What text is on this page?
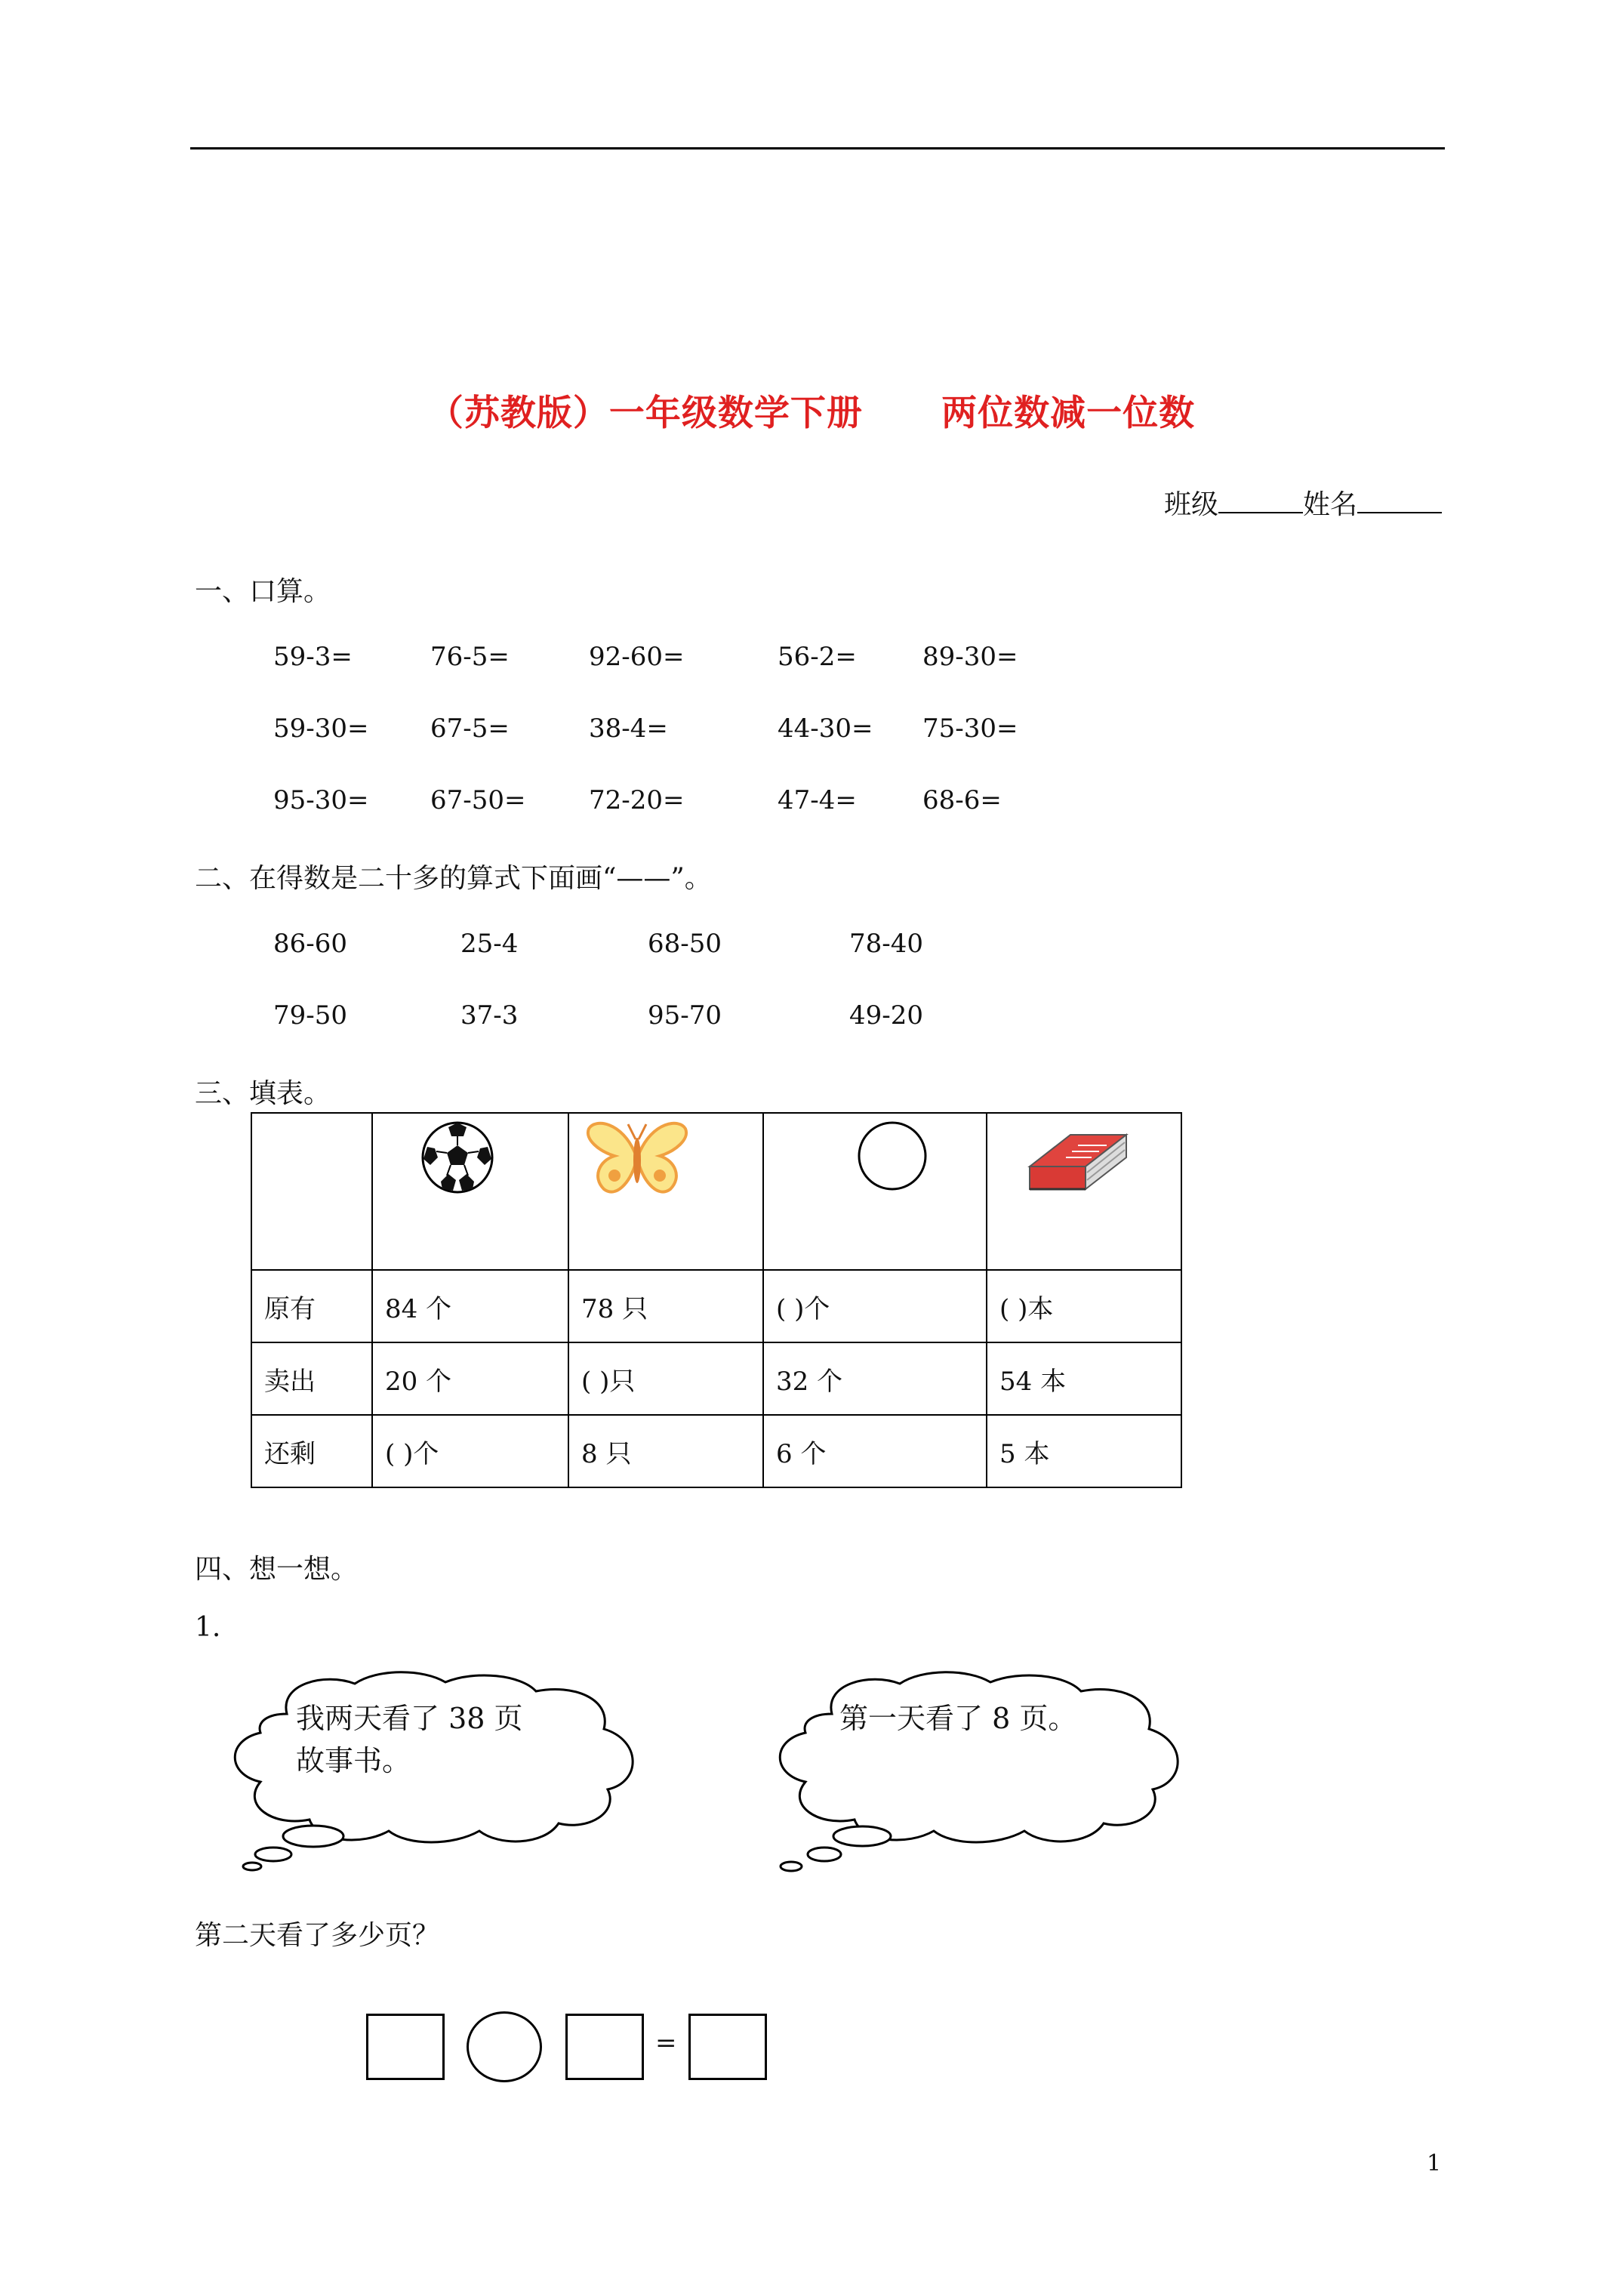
（苏教版）一年级数学下册      两位数减一位数
班级	姓名
一、口算。
59-3=	76-5=	92-60=	56-2=	89-30=
59-30= 67-5=	38-4=	44-30= 75-30=
95-30= 67-50= 72-20=	47-4=	68-6=
二、在得数是二十多的算式下面画“——”。
86-60	25-4	68-50	78-40
79-50	37-3	95-70	49-20
三、填表。

原有	84 个	78 只	( )个	( )本
卖出	20 个	( )只	32 个	54 本
还剩	( )个	8 只	6 个	5 本
四、想一想。
1.
我两天看了 38 页
故事书。
第一天看了 8 页。
第二天看了多少页？
=
1
